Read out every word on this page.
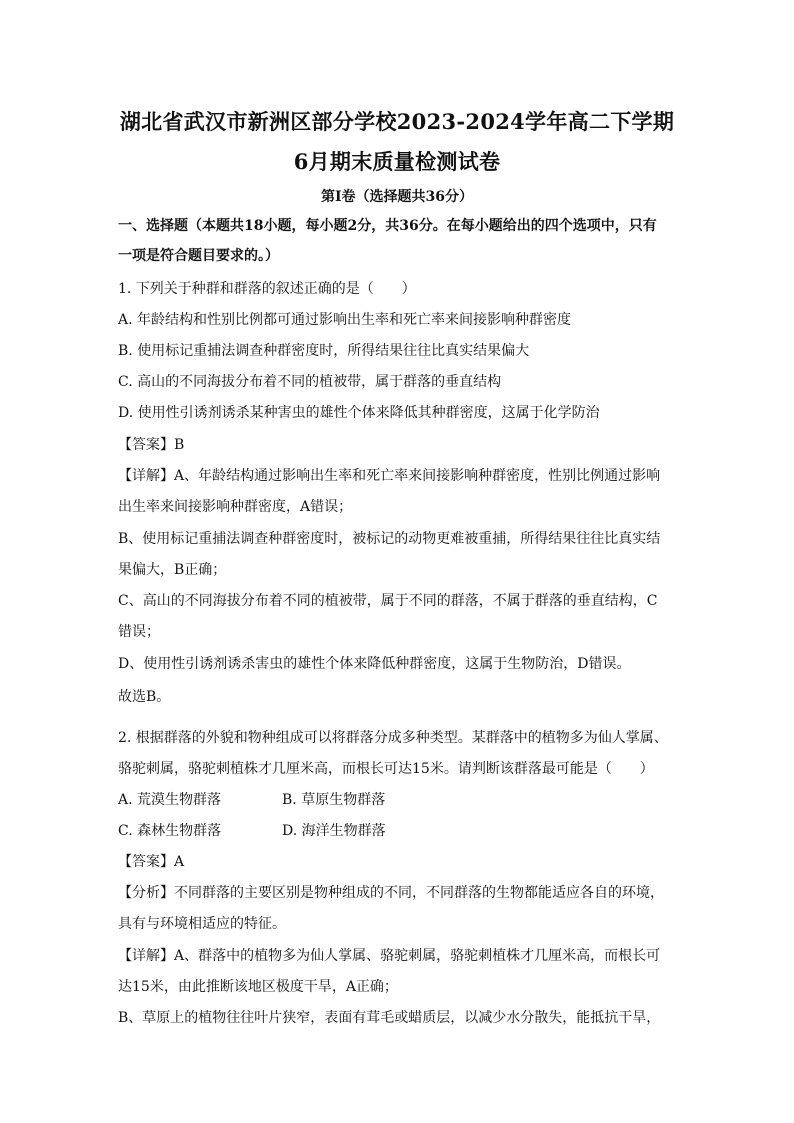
湖北省武汉市新洲区部分学校2023-2024学年高二下学期
6月期末质量检测试卷
第I卷（选择题共36分）
一、选择题（本题共18小题，每小题2分，共36分。在每小题给出的四个选项中，只有
一项是符合题目要求的。）
1. 下列关于种群和群落的叙述正确的是（　　）
A. 年龄结构和性别比例都可通过影响出生率和死亡率来间接影响种群密度
B. 使用标记重捕法调查种群密度时，所得结果往往比真实结果偏大
C. 高山的不同海拔分布着不同的植被带，属于群落的垂直结构
D. 使用性引诱剂诱杀某种害虫的雄性个体来降低其种群密度，这属于化学防治
【答案】B
【详解】A、年龄结构通过影响出生率和死亡率来间接影响种群密度，性别比例通过影响
出生率来间接影响种群密度，A错误；
B、使用标记重捕法调查种群密度时，被标记的动物更难被重捕，所得结果往往比真实结
果偏大，B正确；
C、高山的不同海拔分布着不同的植被带，属于不同的群落，不属于群落的垂直结构，C
错误；
D、使用性引诱剂诱杀害虫的雄性个体来降低种群密度，这属于生物防治，D错误。
故选B。
2. 根据群落的外貌和物种组成可以将群落分成多种类型。某群落中的植物多为仙人掌属、
骆驼刺属，骆驼刺植株才几厘米高，而根长可达15米。请判断该群落最可能是（　　）
A. 荒漠生物群落	B. 草原生物群落
C. 森林生物群落	D. 海洋生物群落
【答案】A
【分析】不同群落的主要区别是物种组成的不同，不同群落的生物都能适应各自的环境，
具有与环境相适应的特征。
【详解】A、群落中的植物多为仙人掌属、骆驼刺属，骆驼刺植株才几厘米高，而根长可
达15米，由此推断该地区极度干旱，A正确；
B、草原上的植物往往叶片狭窄，表面有茸毛或蜡质层，以减少水分散失，能抵抗干旱，
